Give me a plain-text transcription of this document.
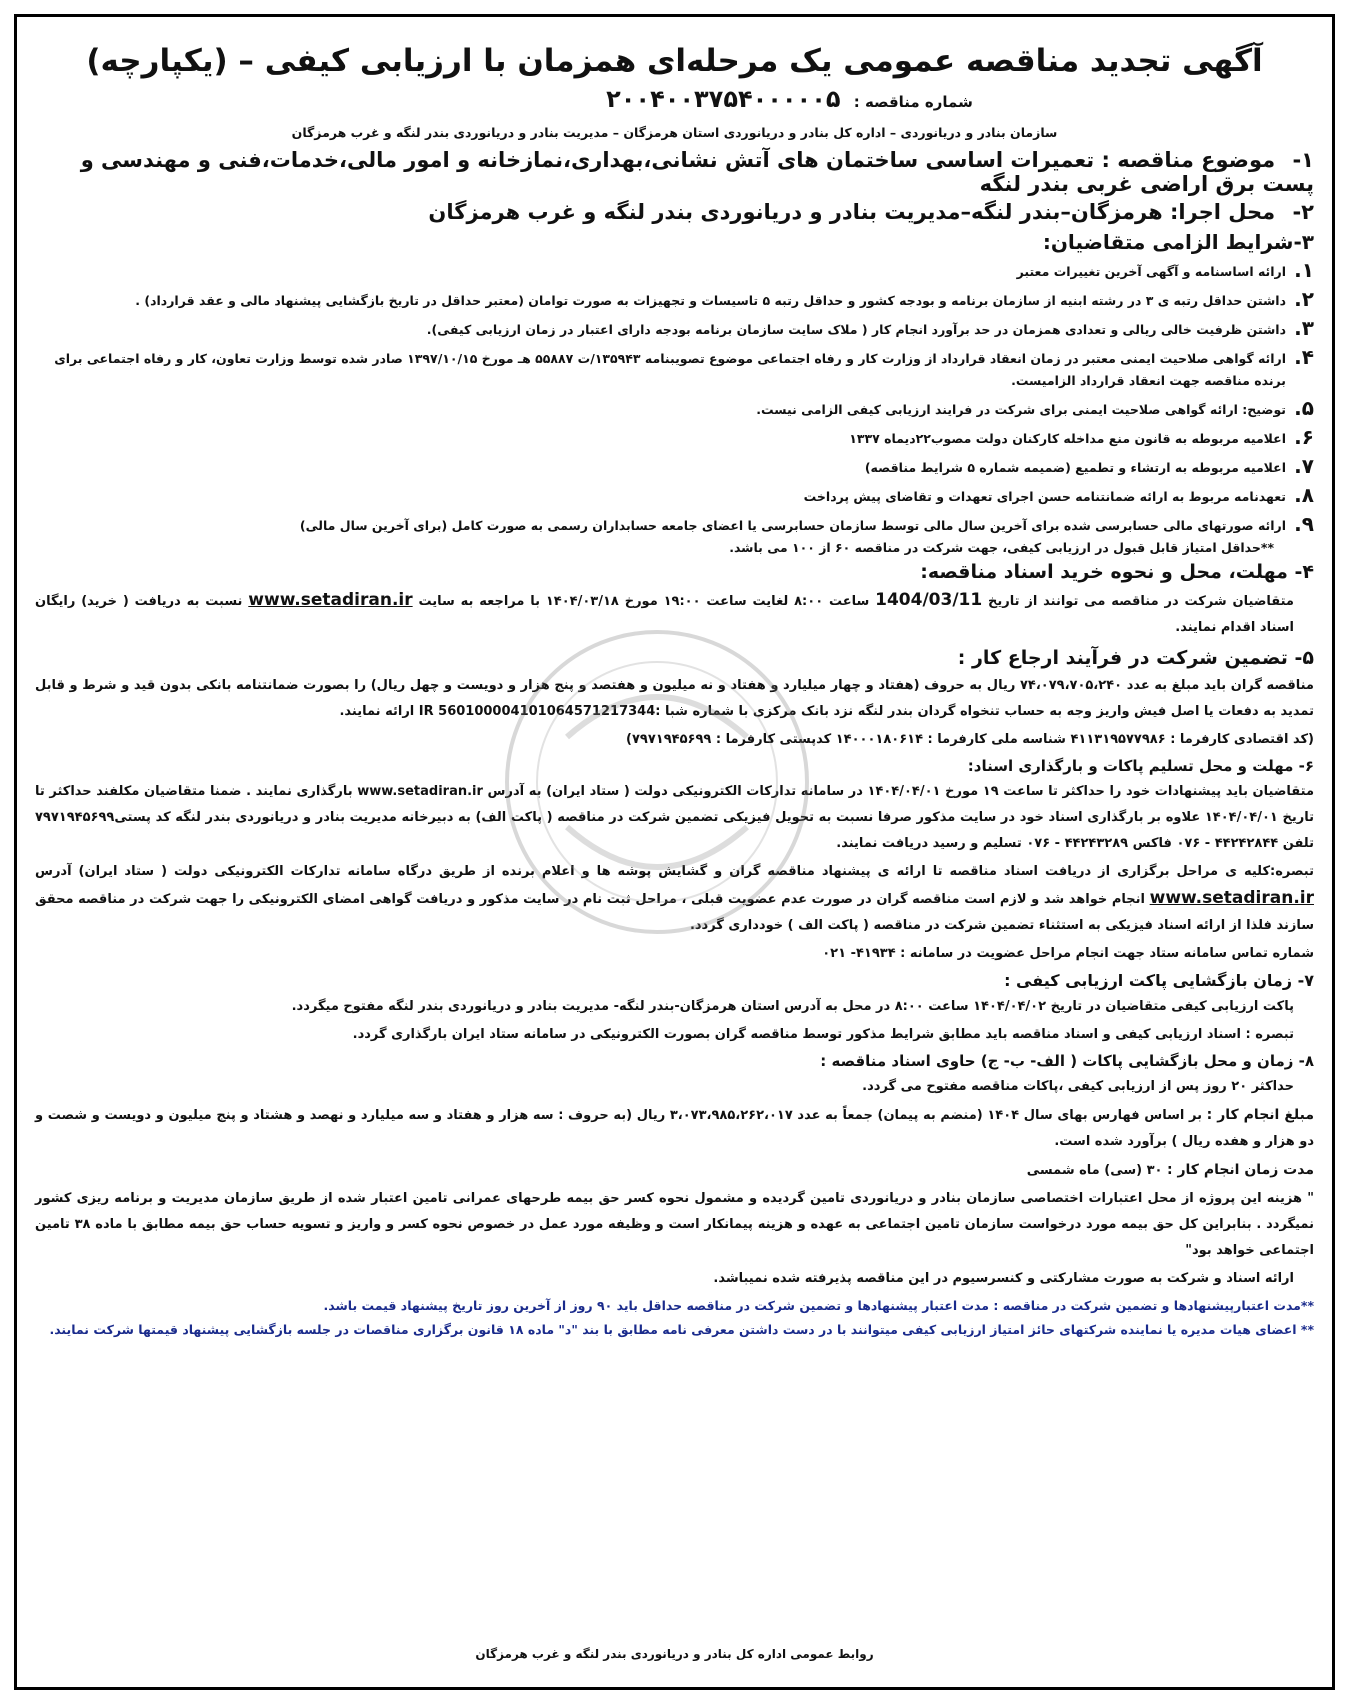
آگهی تجدید مناقصه عمومی یک مرحله‌ای همزمان با ارزیابی کیفی – (یکپارچه)
شماره مناقصه : ۲۰۰۴۰۰۳۷۵۴۰۰۰۰۰۵
سازمان بنادر و دریانوردی – اداره کل بنادر و دریانوردی استان هرمزگان – مدیریت بنادر و دریانوردی بندر لنگه و غرب هرمزگان
۱- موضوع مناقصه : تعمیرات اساسی ساختمان های آتش نشانی،بهداری،نمازخانه و امور مالی،خدمات،فنی و مهندسی و پست برق اراضی غربی بندر لنگه
۲- محل اجرا: هرمزگان–بندر لنگه–مدیریت بنادر و دریانوردی بندر لنگه و غرب هرمزگان
۳-شرایط الزامی متقاضیان:
۱.
ارائه اساسنامه و آگهی آخرین تغییرات معتبر
۲.
داشتن حداقل رتبه ی ۳ در رشته ابنیه از سازمان برنامه و بودجه کشور و حداقل رتبه ۵ تاسیسات و تجهیزات به صورت توامان (معتبر حداقل در تاریخ بازگشایی پیشنهاد مالی و عقد قرارداد) .
۳.
داشتن ظرفیت خالی ریالی و تعدادی همزمان در حد برآورد انجام کار ( ملاک سایت سازمان برنامه بودجه دارای اعتبار در زمان ارزیابی کیفی).
۴.
ارائه گواهی صلاحیت ایمنی معتبر در زمان انعقاد قرارداد از وزارت کار و رفاه اجتماعی موضوع تصویبنامه ۱۳۵۹۴۳/ت ۵۵۸۸۷ هـ مورخ ۱۳۹۷/۱۰/۱۵ صادر شده توسط وزارت تعاون، کار و رفاه اجتماعی برای برنده مناقصه جهت انعقاد قرارداد الزامیست.
۵.
توضیح: ارائه گواهی صلاحیت ایمنی برای شرکت در فرایند ارزیابی کیفی الزامی نیست.
۶.
اعلامیه مربوطه به قانون منع مداخله کارکنان دولت مصوب۲۲دیماه ۱۳۳۷
۷.
اعلامیه مربوطه به ارتشاء و تطمیع (ضمیمه شماره ۵ شرایط مناقصه)
۸.
تعهدنامه مربوط به ارائه ضمانتنامه حسن اجرای تعهدات و تقاضای پیش پرداخت
۹.
ارائه صورتهای مالی حسابرسی شده برای آخرین سال مالی توسط سازمان حسابرسی یا اعضای جامعه حسابداران رسمی به صورت کامل (برای آخرین سال مالی)
**حداقل امتیاز قابل قبول در ارزیابی کیفی، جهت شرکت در مناقصه ۶۰ از ۱۰۰ می باشد.
۴- مهلت، محل و نحوه خرید اسناد مناقصه:
متقاضیان شرکت در مناقصه می توانند از تاریخ 1404/03/11 ساعت ۸:۰۰ لغایت ساعت ۱۹:۰۰ مورخ ۱۴۰۴/۰۳/۱۸ با مراجعه به سایت www.setadiran.ir نسبت به دریافت ( خرید) رایگان اسناد اقدام نمایند.
۵- تضمین شرکت در فرآیند ارجاع کار :
مناقصه گران باید مبلغ به عدد ۷۴،۰۷۹،۷۰۵،۲۴۰ ریال به حروف (هفتاد و چهار میلیارد و هفتاد و نه میلیون و هفتصد و پنج هزار و دویست و چهل ریال) را بصورت ضمانتنامه بانکی بدون قید و شرط و قابل تمدید به دفعات یا اصل فیش واریز وجه به حساب تنخواه گردان بندر لنگه نزد بانک مرکزی با شماره شبا :IR 560100004101064571217344 ارائه نمایند.
(کد اقتصادی کارفرما : ۴۱۱۳۱۹۵۷۷۹۸۶ شناسه ملی کارفرما : ۱۴۰۰۰۱۸۰۶۱۴ کدپستی کارفرما : ۷۹۷۱۹۴۵۶۹۹)
۶- مهلت و محل تسلیم پاکات و بارگذاری اسناد:
متقاضیان باید پیشنهادات خود را حداکثر تا ساعت ۱۹ مورخ ۱۴۰۴/۰۴/۰۱ در سامانه تدارکات الکترونیکی دولت ( ستاد ایران) به آدرس www.setadiran.ir بارگذاری نمایند . ضمنا متقاضیان مکلفند حداکثر تا تاریخ ۱۴۰۴/۰۴/۰۱ علاوه بر بارگذاری اسناد خود در سایت مذکور صرفا نسبت به تحویل فیزیکی تضمین شرکت در مناقصه ( پاکت الف) به دبیرخانه مدیریت بنادر و دریانوردی بندر لنگه کد پستی۷۹۷۱۹۴۵۶۹۹ تلفن ۴۴۲۴۲۸۴۴ - ۰۷۶ فاکس ۴۴۲۴۳۲۸۹ - ۰۷۶ تسلیم و رسید دریافت نمایند.
تبصره:کلیه ی مراحل برگزاری از دریافت اسناد مناقصه تا ارائه ی پیشنهاد مناقصه گران و گشایش پوشه ها و اعلام برنده از طریق درگاه سامانه تدارکات الکترونیکی دولت ( ستاد ایران) آدرس www.setadiran.ir انجام خواهد شد و لازم است مناقصه گران در صورت عدم عضویت قبلی ، مراحل ثبت نام در سایت مذکور و دریافت گواهی امضای الکترونیکی را جهت شرکت در مناقصه محقق سازند فلذا از ارائه اسناد فیزیکی به استثناء تضمین شرکت در مناقصه ( پاکت الف ) خودداری گردد.
شماره تماس سامانه ستاد جهت انجام مراحل عضویت در سامانه : ۴۱۹۳۴- ۰۲۱
۷- زمان بازگشایی پاکت ارزیابی کیفی :
پاکت ارزیابی کیفی متقاضیان در تاریخ ۱۴۰۴/۰۴/۰۲ ساعت ۸:۰۰ در محل به آدرس استان هرمزگان-بندر لنگه- مدیریت بنادر و دریانوردی بندر لنگه مفتوح میگردد.
تبصره : اسناد ارزیابی کیفی و اسناد مناقصه باید مطابق شرایط مذکور توسط مناقصه گران بصورت الکترونیکی در سامانه ستاد ایران بارگذاری گردد.
۸- زمان و محل بازگشایی پاکات ( الف- ب- ج) حاوی اسناد مناقصه :
حداکثر ۲۰ روز پس از ارزیابی کیفی ،پاکات مناقصه مفتوح می گردد.
مبلغ انجام کار : بر اساس فهارس بهای سال ۱۴۰۴ (منضم به پیمان) جمعاً به عدد ۳،۰۷۳،۹۸۵،۲۶۲،۰۱۷ ریال (به حروف : سه هزار و هفتاد و سه میلیارد و نهصد و هشتاد و پنج میلیون و دویست و شصت و دو هزار و هفده ریال ) برآورد شده است.
مدت زمان انجام کار : ۳۰ (سی) ماه شمسی
" هزینه این پروژه از محل اعتبارات اختصاصی سازمان بنادر و دریانوردی تامین گردیده و مشمول نحوه کسر حق بیمه طرحهای عمرانی تامین اعتبار شده از طریق سازمان مدیریت و برنامه ریزی کشور نمیگردد . بنابراین کل حق بیمه مورد درخواست سازمان تامین اجتماعی به عهده و هزینه پیمانکار است و وظیفه مورد عمل در خصوص نحوه کسر و واریز و تسویه حساب حق بیمه مطابق با ماده ۳۸ تامین اجتماعی خواهد بود"
ارائه اسناد و شرکت به صورت مشارکتی و کنسرسیوم در این مناقصه پذیرفته شده نمیباشد.
**مدت اعتبارپیشنهادها و تضمین شرکت در مناقصه : مدت اعتبار پیشنهادها و تضمین شرکت در مناقصه حداقل باید ۹۰ روز از آخرین روز تاریخ پیشنهاد قیمت باشد.
** اعضای هیات مدیره یا نماینده شرکتهای حائز امتیاز ارزیابی کیفی میتوانند با در دست داشتن معرفی نامه مطابق با بند "د" ماده ۱۸ قانون برگزاری مناقصات در جلسه بازگشایی پیشنهاد قیمتها شرکت نمایند.
روابط عمومی اداره کل بنادر و دریانوردی بندر لنگه و غرب هرمزگان
